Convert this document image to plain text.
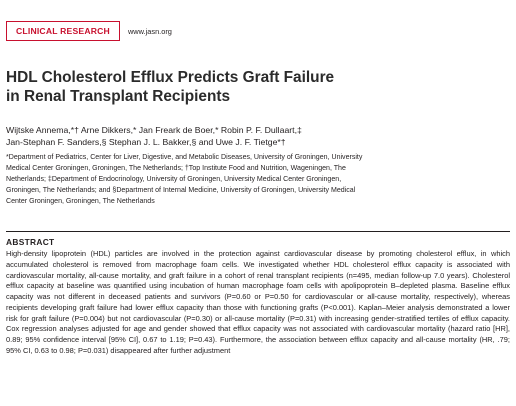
CLINICAL RESEARCH	www.jasn.org
HDL Cholesterol Efflux Predicts Graft Failure
in Renal Transplant Recipients
Wijtske Annema,*† Arne Dikkers,* Jan Freark de Boer,* Robin P. F. Dullaart,‡
Jan-Stephan F. Sanders,§ Stephan J. L. Bakker,§ and Uwe J. F. Tietge*†
*Department of Pediatrics, Center for Liver, Digestive, and Metabolic Diseases, University of Groningen, University
Medical Center Groningen, Groningen, The Netherlands; †Top Institute Food and Nutrition, Wageningen, The
Netherlands; ‡Department of Endocrinology, University of Groningen, University Medical Center Groningen,
Groningen, The Netherlands; and §Department of Internal Medicine, University of Groningen, University Medical
Center Groningen, Groningen, The Netherlands
ABSTRACT

High-density lipoprotein (HDL) particles are involved in the protection against cardiovascular disease by promoting cholesterol efflux, in which accumulated cholesterol is removed from macrophage foam cells. We investigated whether HDL cholesterol efflux capacity is associated with cardiovascular mortality, all-cause mortality, and graft failure in a cohort of renal transplant recipients (n=495, median follow-up 7.0 years). Cholesterol efflux capacity at baseline was quantified using incubation of human macrophage foam cells with apolipoprotein B–depleted plasma. Baseline efflux capacity was not different in deceased patients and survivors (P=0.60 or P=0.50 for cardiovascular or all-cause mortality, respectively), whereas recipients developing graft failure had lower efflux capacity than those with functioning grafts (P<0.001). Kaplan–Meier analysis demonstrated a lower risk for graft failure (P=0.004) but not cardiovascular (P=0.30) or all-cause mortality (P=0.31) with increasing gender-stratified tertiles of efflux capacity. Cox regression analyses adjusted for age and gender showed that efflux capacity was not associated with cardiovascular mortality (hazard ratio [HR], 0.89; 95% confidence interval [95% CI], 0.67 to 1.19; P=0.43). Furthermore, the association between efflux capacity and all-cause mortality (HR, .79; 95% CI, 0.63 to 0.98; P=0.031) disappeared after further adjustment
